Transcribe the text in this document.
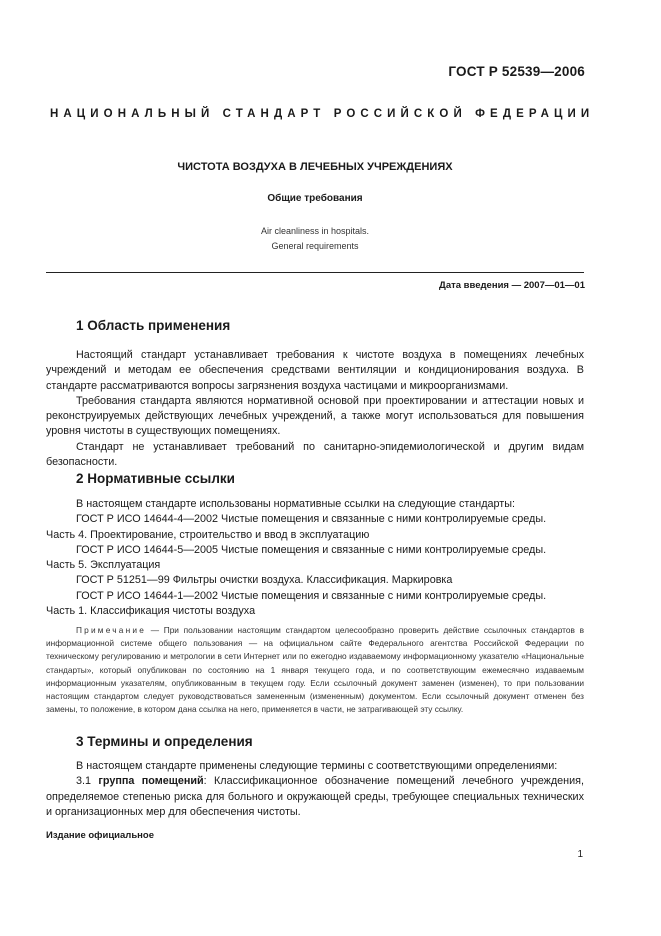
ГОСТ Р 52539—2006
НАЦИОНАЛЬНЫЙ СТАНДАРТ РОССИЙСКОЙ ФЕДЕРАЦИИ
ЧИСТОТА ВОЗДУХА В ЛЕЧЕБНЫХ УЧРЕЖДЕНИЯХ
Общие требования
Air cleanliness in hospitals.
General requirements
Дата введения — 2007—01—01
1 Область применения

Настоящий стандарт устанавливает требования к чистоте воздуха в помещениях лечебных учреждений и методам ее обеспечения средствами вентиляции и кондиционирования воздуха. В стандарте рассматриваются вопросы загрязнения воздуха частицами и микроорганизмами.

Требования стандарта являются нормативной основой при проектировании и аттестации новых и реконструируемых действующих лечебных учреждений, а также могут использоваться для повышения уровня чистоты в существующих помещениях.

Стандарт не устанавливает требований по санитарно-эпидемиологической и другим видам безопасности.

2 Нормативные ссылки

В настоящем стандарте использованы нормативные ссылки на следующие стандарты:

ГОСТ Р ИСО 14644-4—2002 Чистые помещения и связанные с ними контролируемые среды.

Часть 4. Проектирование, строительство и ввод в эксплуатацию

ГОСТ Р ИСО 14644-5—2005 Чистые помещения и связанные с ними контролируемые среды.

Часть 5. Эксплуатация

ГОСТ Р 51251—99 Фильтры очистки воздуха. Классификация. Маркировка

ГОСТ Р ИСО 14644-1—2002 Чистые помещения и связанные с ними контролируемые среды.

Часть 1. Классификация чистоты воздуха

Примечание — При пользовании настоящим стандартом целесообразно проверить действие ссылочных стандартов в информационной системе общего пользования — на официальном сайте Федерального агентства Российской Федерации по техническому регулированию и метрологии в сети Интернет или по ежегодно издаваемому информационному указателю «Национальные стандарты», который опубликован по состоянию на 1 января текущего года, и по соответствующим ежемесячно издаваемым информационным указателям, опубликованным в текущем году. Если ссылочный документ заменен (изменен), то при пользовании настоящим стандартом следует руководствоваться замененным (измененным) документом. Если ссылочный документ отменен без замены, то положение, в котором дана ссылка на него, применяется в части, не затрагивающей эту ссылку.

3 Термины и определения

В настоящем стандарте применены следующие термины с соответствующими определениями:

3.1 группа помещений: Классификационное обозначение помещений лечебного учреждения, определяемое степенью риска для больного и окружающей среды, требующее специальных технических и организационных мер для обеспечения чистоты.

Издание официальное
1
